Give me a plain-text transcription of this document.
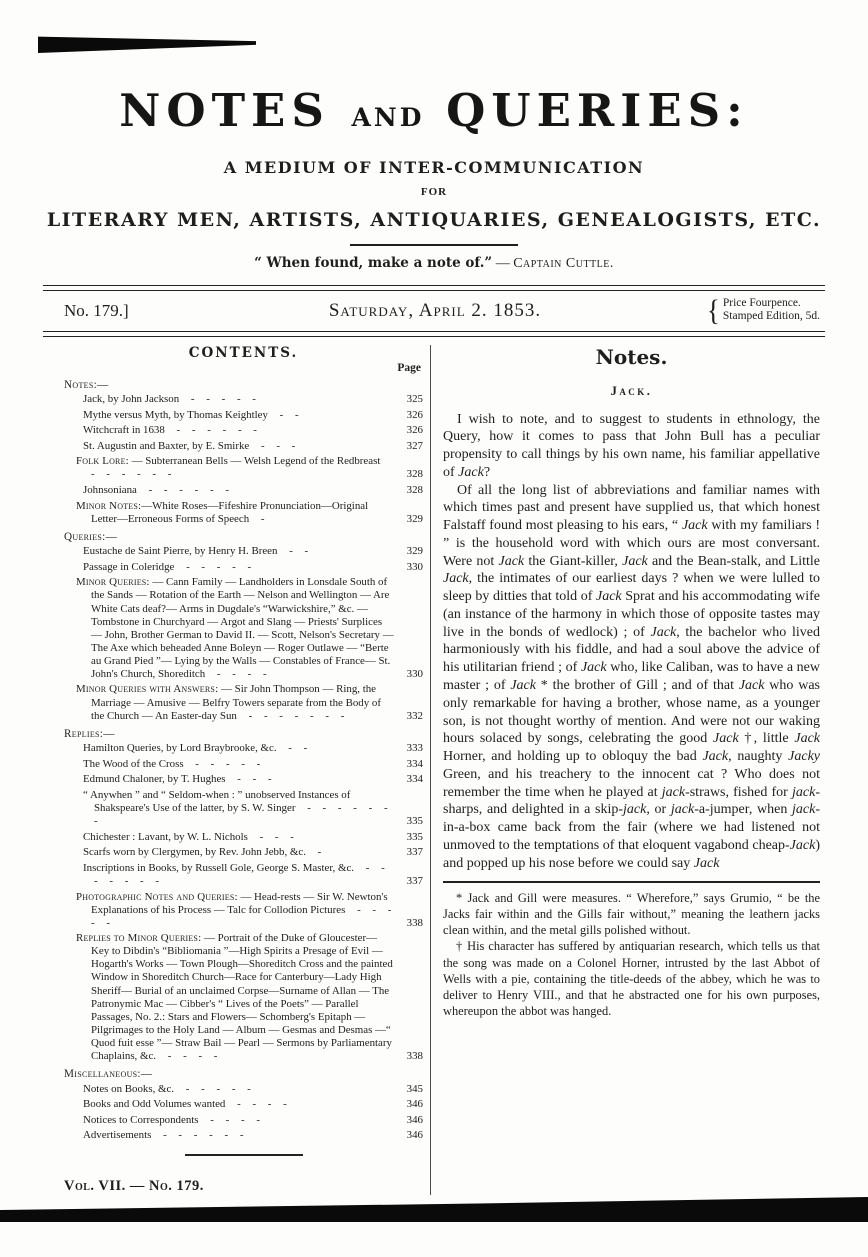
NOTES AND QUERIES:
A MEDIUM OF INTER-COMMUNICATION
FOR
LITERARY MEN, ARTISTS, ANTIQUARIES, GENEALOGISTS, ETC.
“ When found, make a note of.” — Captain Cuttle.
No. 179.]	Saturday, April 2. 1853.	{ Price Fourpence.
Stamped Edition, 5d.
CONTENTS.
Page
Notes:—
Jack, by John Jackson - - - - -	325
Mythe versus Myth, by Thomas Keightley - -	326
Witchcraft in 1638 - - - - - -	326
St. Augustin and Baxter, by E. Smirke - - -	327
Folk Lore: — Subterranean Bells — Welsh Legend of the Redbreast - - - - - -	328
Johnsoniana - - - - - -	328
Minor Notes:—White Roses—Fifeshire Pronunciation—Original Letter—Erroneous Forms of Speech -	329
Queries:—
Eustache de Saint Pierre, by Henry H. Breen - -	329
Passage in Coleridge - - - - -	330
Minor Queries: — Cann Family — Landholders in Lonsdale South of the Sands — Rotation of the Earth — Nelson and Wellington — Are White Cats deaf?— Arms in Dugdale's “Warwickshire,” &c. — Tombstone in Churchyard — Argot and Slang — Priests' Surplices — John, Brother German to David II. — Scott, Nelson's Secretary — The Axe which beheaded Anne Boleyn — Roger Outlawe — “Berte au Grand Pied ”— Lying by the Walls — Constables of France— St. John's Church, Shoreditch - - - -	330
Minor Queries with Answers: — Sir John Thompson — Ring, the Marriage — Amusive — Belfry Towers separate from the Body of the Church — An Easter-day Sun - - - - - - -	332
Replies:—
Hamilton Queries, by Lord Braybrooke, &c. - -	333
The Wood of the Cross - - - - -	334
Edmund Chaloner, by T. Hughes - - -	334
“ Anywhen ” and “ Seldom-when : ” unobserved Instances of Shakspeare's Use of the latter, by S. W. Singer - - - - - - -	335
Chichester : Lavant, by W. L. Nichols - - -	335
Scarfs worn by Clergymen, by Rev. John Jebb, &c. -	337
Inscriptions in Books, by Russell Gole, George S. Master, &c. - - - - - - -	337
Photographic Notes and Queries: — Head-rests — Sir W. Newton's Explanations of his Process — Talc for Collodion Pictures - - - - -	338
Replies to Minor Queries: — Portrait of the Duke of Gloucester—Key to Dibdin's “Bibliomania ”—High Spirits a Presage of Evil — Hogarth's Works — Town Plough—Shoreditch Cross and the painted Window in Shoreditch Church—Race for Canterbury—Lady High Sheriff— Burial of an unclaimed Corpse—Surname of Allan — The Patronymic Mac — Cibber's “ Lives of the Poets” — Parallel Passages, No. 2.: Stars and Flowers— Schomberg's Epitaph — Pilgrimages to the Holy Land — Album — Gesmas and Desmas —“ Quod fuit esse ”— Straw Bail — Pearl — Sermons by Parliamentary Chaplains, &c. - - - -	338
Miscellaneous:—
Notes on Books, &c. - - - - -	345
Books and Odd Volumes wanted - - - -	346
Notices to Correspondents - - - -	346
Advertisements - - - - - -	346
Vol. VII. — No. 179.
Notes.
Jack.

I wish to note, and to suggest to students in ethnology, the Query, how it comes to pass that John Bull has a peculiar propensity to call things by his own name, his familiar appellative of Jack?

Of all the long list of abbreviations and familiar names with which times past and present have supplied us, that which honest Falstaff found most pleasing to his ears, “ Jack with my familiars ! ” is the household word with which ours are most conversant. Were not Jack the Giant-killer, Jack and the Bean-stalk, and Little Jack, the intimates of our earliest days ? when we were lulled to sleep by ditties that told of Jack Sprat and his accommodating wife (an instance of the harmony in which those of opposite tastes may live in the bonds of wedlock) ; of Jack, the bachelor who lived harmoniously with his fiddle, and had a soul above the advice of his utilitarian friend ; of Jack who, like Caliban, was to have a new master ; of Jack * the brother of Gill ; and of that Jack who was only remarkable for having a brother, whose name, as a younger son, is not thought worthy of mention. And were not our waking hours solaced by songs, celebrating the good Jack †, little Jack Horner, and holding up to obloquy the bad Jack, naughty Jacky Green, and his treachery to the innocent cat ? Who does not remember the time when he played at jack-straws, fished for jack-sharps, and delighted in a skip-jack, or jack-a-jumper, when jack-in-a-box came back from the fair (where we had listened not unmoved to the temptations of that eloquent vagabond cheap-Jack) and popped up his nose before we could say Jack

* Jack and Gill were measures. “ Wherefore,” says Grumio, “ be the Jacks fair within and the Gills fair without,” meaning the leathern jacks clean within, and the metal gills polished without.

† His character has suffered by antiquarian research, which tells us that the song was made on a Colonel Horner, intrusted by the last Abbot of Wells with a pie, containing the title-deeds of the abbey, which he was to deliver to Henry VIII., and that he abstracted one for his own purposes, whereupon the abbot was hanged.
